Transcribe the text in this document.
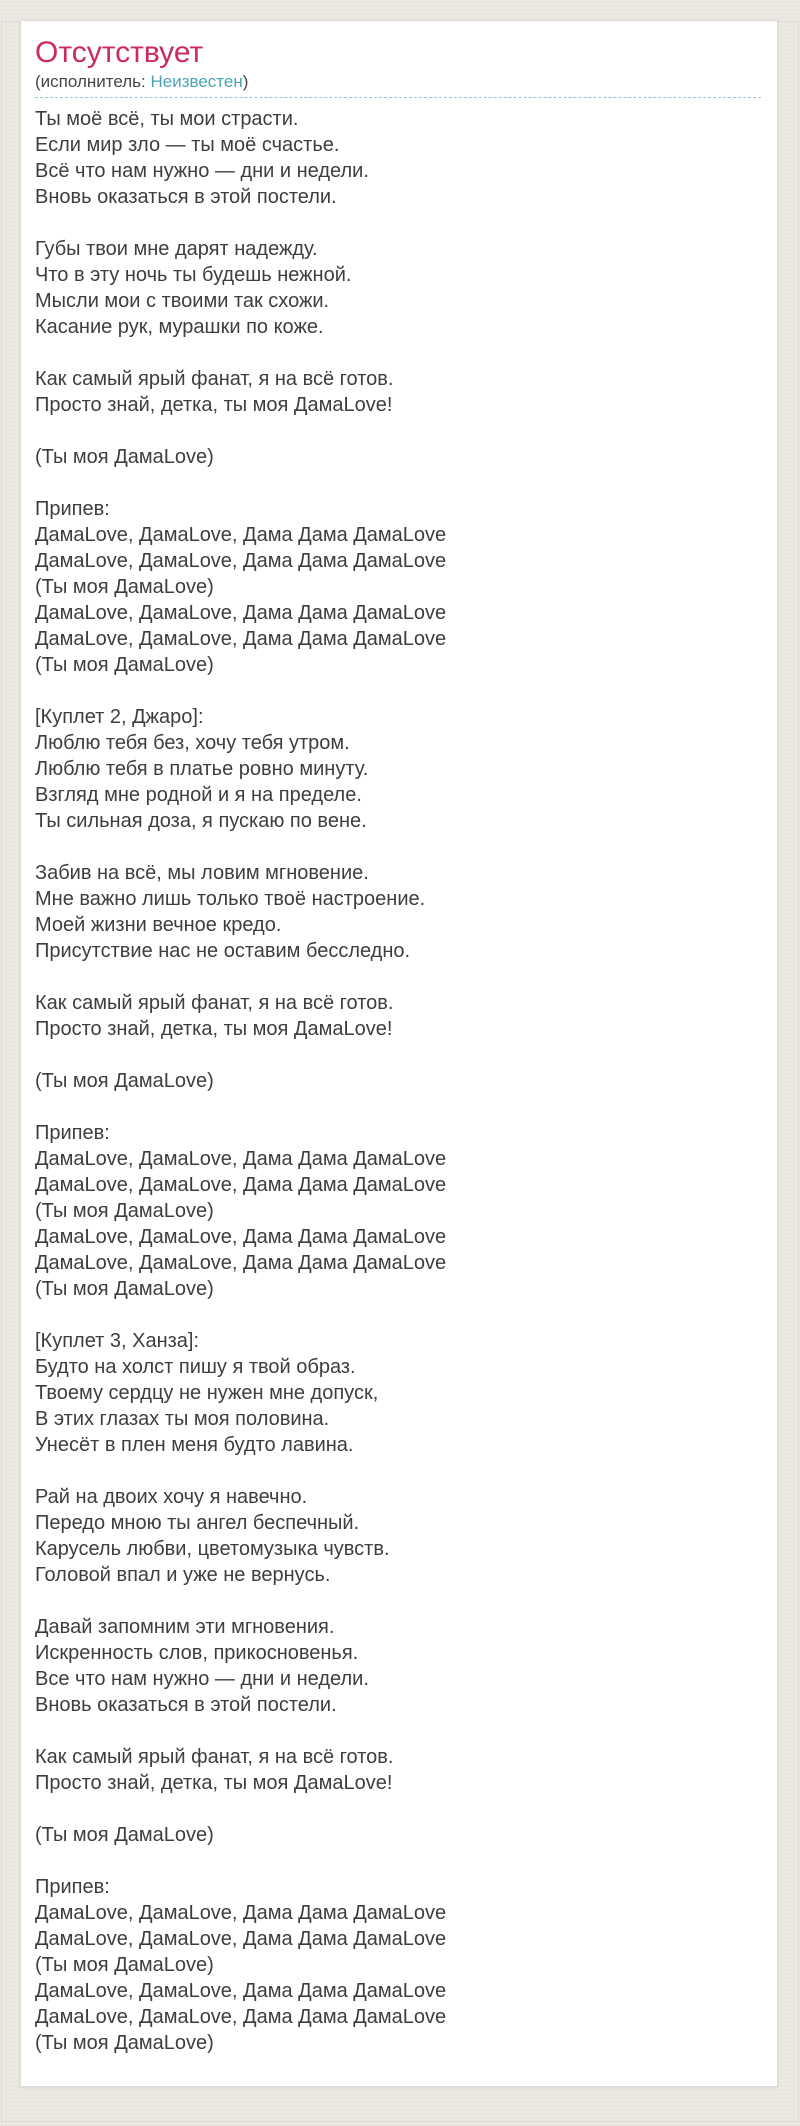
Отсутствует
(исполнитель: Неизвестен)
Ты моё всё, ты мои страсти.
Если мир зло — ты моё счастье.
Всё что нам нужно — дни и недели.
Вновь оказаться в этой постели.

Губы твои мне дарят надежду.
Что в эту ночь ты будешь нежной.
Мысли мои с твоими так схожи.
Касание рук, мурашки по коже.

Как самый ярый фанат, я на всё готов.
Просто знай, детка, ты моя ДамаLove!

(Ты моя ДамаLove)

Припев:
ДамаLove, ДамаLove, Дама Дама ДамаLove
ДамаLove, ДамаLove, Дама Дама ДамаLove
(Ты моя ДамаLove)
ДамаLove, ДамаLove, Дама Дама ДамаLove
ДамаLove, ДамаLove, Дама Дама ДамаLove
(Ты моя ДамаLove)

[Куплет 2, Джаро]:
Люблю тебя без, хочу тебя утром.
Люблю тебя в платье ровно минуту.
Взгляд мне родной и я на пределе.
Ты сильная доза, я пускаю по вене.

Забив на всё, мы ловим мгновение.
Мне важно лишь только твоё настроение.
Моей жизни вечное кредо.
Присутствие нас не оставим бесследно.

Как самый ярый фанат, я на всё готов.
Просто знай, детка, ты моя ДамаLove!

(Ты моя ДамаLove)

Припев:
ДамаLove, ДамаLove, Дама Дама ДамаLove
ДамаLove, ДамаLove, Дама Дама ДамаLove
(Ты моя ДамаLove)
ДамаLove, ДамаLove, Дама Дама ДамаLove
ДамаLove, ДамаLove, Дама Дама ДамаLove
(Ты моя ДамаLove)

[Куплет 3, Ханза]:
Будто на холст пишу я твой образ.
Твоему сердцу не нужен мне допуск,
В этих глазах ты моя половина.
Унесёт в плен меня будто лавина.

Рай на двоих хочу я навечно.
Передо мною ты ангел беспечный.
Карусель любви, цветомузыка чувств.
Головой впал и уже не вернусь.

Давай запомним эти мгновения.
Искренность слов, прикосновенья.
Все что нам нужно — дни и недели.
Вновь оказаться в этой постели.

Как самый ярый фанат, я на всё готов.
Просто знай, детка, ты моя ДамаLove!

(Ты моя ДамаLove)

Припев:
ДамаLove, ДамаLove, Дама Дама ДамаLove
ДамаLove, ДамаLove, Дама Дама ДамаLove
(Ты моя ДамаLove)
ДамаLove, ДамаLove, Дама Дама ДамаLove
ДамаLove, ДамаLove, Дама Дама ДамаLove
(Ты моя ДамаLove)
